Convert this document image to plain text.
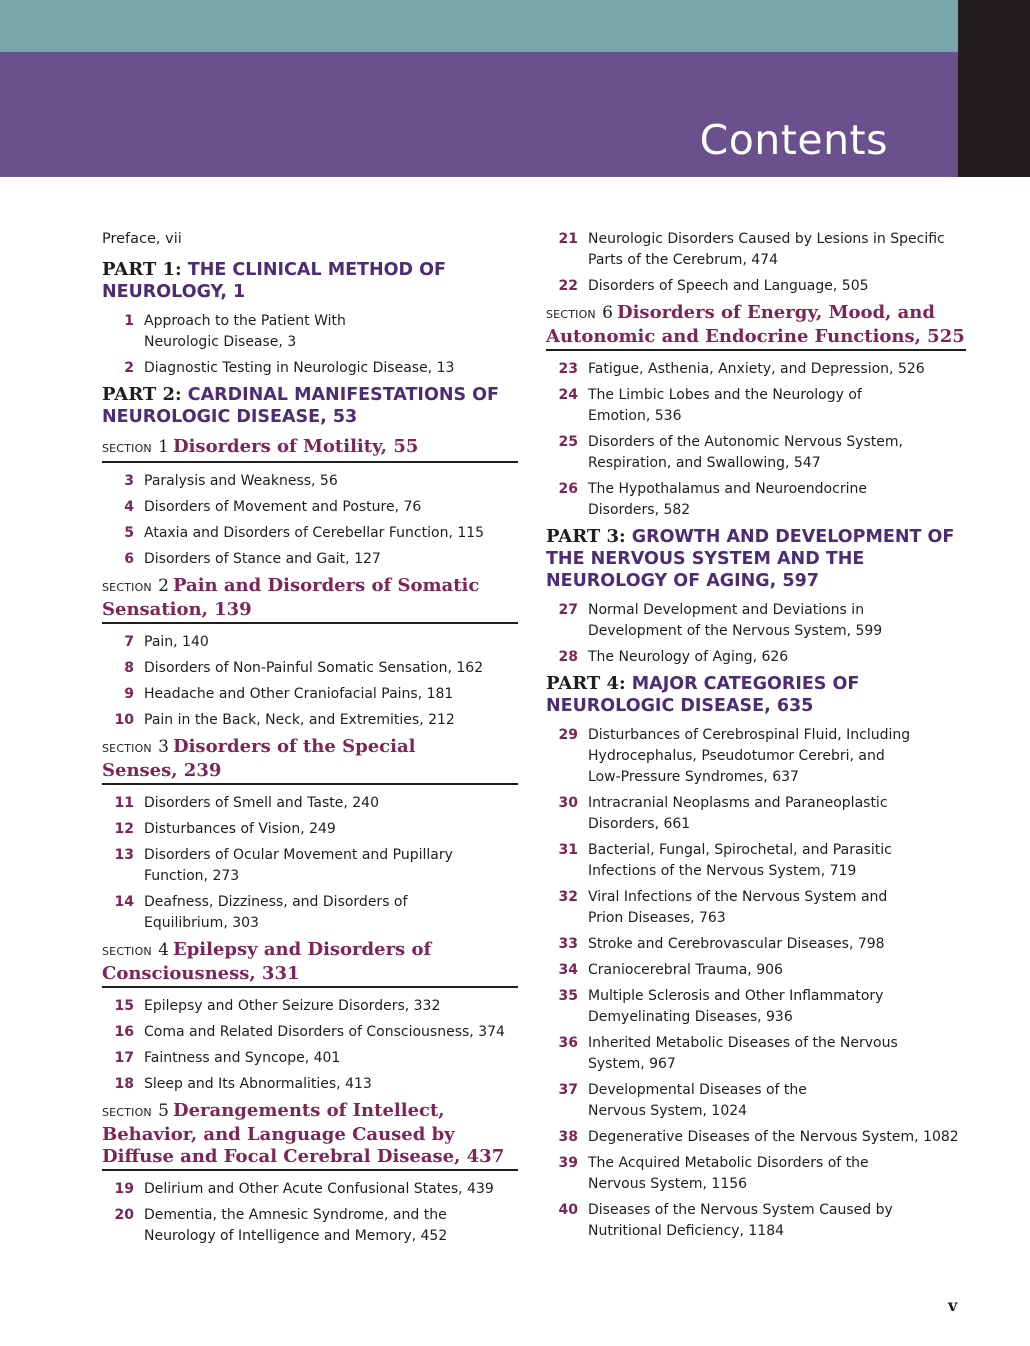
Contents
Preface, vii
PART 1: THE CLINICAL METHOD OF NEUROLOGY, 1
1 Approach to the Patient With
Neurologic Disease, 3
2 Diagnostic Testing in Neurologic Disease, 13
PART 2: CARDINAL MANIFESTATIONS OF NEUROLOGIC DISEASE, 53
SECTION 1 Disorders of Motility, 55
3 Paralysis and Weakness, 56
4 Disorders of Movement and Posture, 76
5 Ataxia and Disorders of Cerebellar Function, 115
6 Disorders of Stance and Gait, 127
SECTION 2 Pain and Disorders of Somatic
Sensation, 139
7 Pain, 140
8 Disorders of Non-Painful Somatic Sensation, 162
9 Headache and Other Craniofacial Pains, 181
10 Pain in the Back, Neck, and Extremities, 212
SECTION 3 Disorders of the Special
Senses, 239
11 Disorders of Smell and Taste, 240
12 Disturbances of Vision, 249
13 Disorders of Ocular Movement and Pupillary
Function, 273
14 Deafness, Dizziness, and Disorders of
Equilibrium, 303
SECTION 4 Epilepsy and Disorders of
Consciousness, 331
15 Epilepsy and Other Seizure Disorders, 332
16 Coma and Related Disorders of Consciousness, 374
17 Faintness and Syncope, 401
18 Sleep and Its Abnormalities, 413
SECTION 5 Derangements of Intellect,
Behavior, and Language Caused by
Diffuse and Focal Cerebral Disease, 437
19 Delirium and Other Acute Confusional States, 439
20 Dementia, the Amnesic Syndrome, and the
Neurology of Intelligence and Memory, 452
21 Neurologic Disorders Caused by Lesions in Specific
Parts of the Cerebrum, 474
22 Disorders of Speech and Language, 505
SECTION 6 Disorders of Energy, Mood, and
Autonomic and Endocrine Functions, 525
23 Fatigue, Asthenia, Anxiety, and Depression, 526
24 The Limbic Lobes and the Neurology of
Emotion, 536
25 Disorders of the Autonomic Nervous System,
Respiration, and Swallowing, 547
26 The Hypothalamus and Neuroendocrine
Disorders, 582
PART 3: GROWTH AND DEVELOPMENT OF THE NERVOUS SYSTEM AND THE NEUROLOGY OF AGING, 597
27 Normal Development and Deviations in
Development of the Nervous System, 599
28 The Neurology of Aging, 626
PART 4: MAJOR CATEGORIES OF NEUROLOGIC DISEASE, 635
29 Disturbances of Cerebrospinal Fluid, Including
Hydrocephalus, Pseudotumor Cerebri, and
Low-Pressure Syndromes, 637
30 Intracranial Neoplasms and Paraneoplastic
Disorders, 661
31 Bacterial, Fungal, Spirochetal, and Parasitic
Infections of the Nervous System, 719
32 Viral Infections of the Nervous System and
Prion Diseases, 763
33 Stroke and Cerebrovascular Diseases, 798
34 Craniocerebral Trauma, 906
35 Multiple Sclerosis and Other Inflammatory
Demyelinating Diseases, 936
36 Inherited Metabolic Diseases of the Nervous
System, 967
37 Developmental Diseases of the
Nervous System, 1024
38 Degenerative Diseases of the Nervous System, 1082
39 The Acquired Metabolic Disorders of the
Nervous System, 1156
40 Diseases of the Nervous System Caused by
Nutritional Deficiency, 1184
v
